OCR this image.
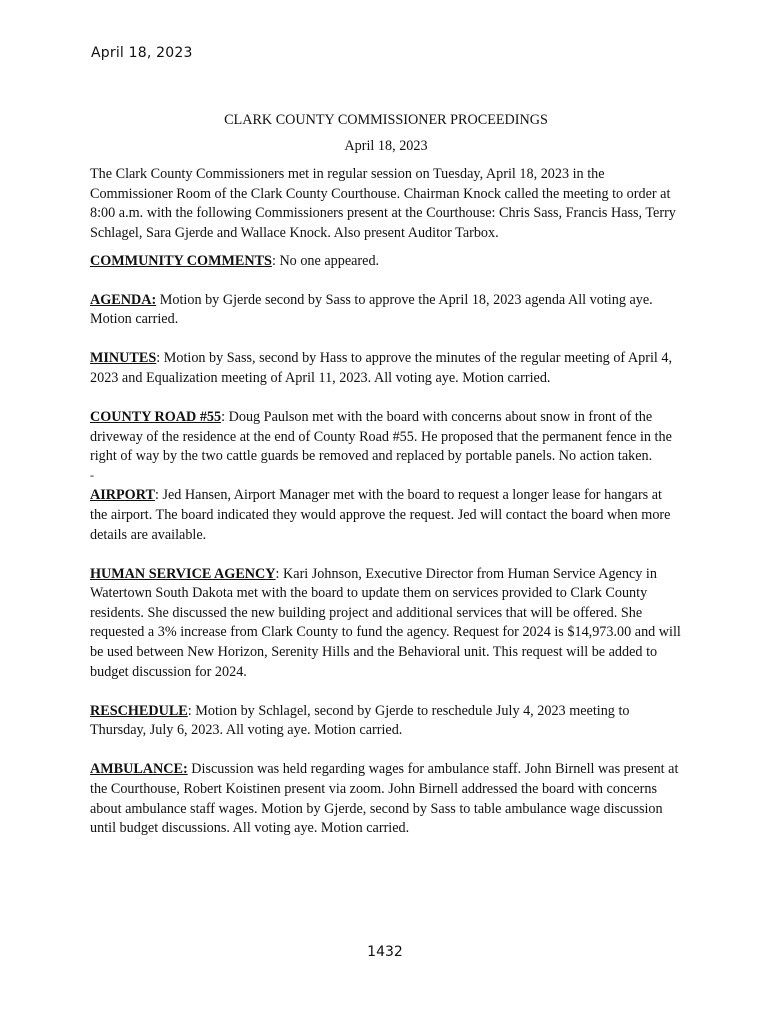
April 18, 2023
CLARK COUNTY COMMISSIONER PROCEEDINGS
April 18, 2023

The Clark County Commissioners met in regular session on Tuesday, April 18, 2023 in the Commissioner Room of the Clark County Courthouse. Chairman Knock called the meeting to order at 8:00 a.m. with the following Commissioners present at the Courthouse: Chris Sass, Francis Hass, Terry Schlagel, Sara Gjerde and Wallace Knock. Also present Auditor Tarbox.

COMMUNITY COMMENTS: No one appeared.

AGENDA: Motion by Gjerde second by Sass to approve the April 18, 2023 agenda All voting aye. Motion carried.

MINUTES: Motion by Sass, second by Hass to approve the minutes of the regular meeting of April 4, 2023 and Equalization meeting of April 11, 2023. All voting aye. Motion carried.

COUNTY ROAD #55: Doug Paulson met with the board with concerns about snow in front of the driveway of the residence at the end of County Road #55. He proposed that the permanent fence in the right of way by the two cattle guards be removed and replaced by portable panels. No action taken.

-

AIRPORT: Jed Hansen, Airport Manager met with the board to request a longer lease for hangars at the airport. The board indicated they would approve the request. Jed will contact the board when more details are available.

HUMAN SERVICE AGENCY: Kari Johnson, Executive Director from Human Service Agency in Watertown South Dakota met with the board to update them on services provided to Clark County residents. She discussed the new building project and additional services that will be offered. She requested a 3% increase from Clark County to fund the agency. Request for 2024 is $14,973.00 and will be used between New Horizon, Serenity Hills and the Behavioral unit. This request will be added to budget discussion for 2024.

RESCHEDULE: Motion by Schlagel, second by Gjerde to reschedule July 4, 2023 meeting to Thursday, July 6, 2023. All voting aye. Motion carried.

AMBULANCE: Discussion was held regarding wages for ambulance staff. John Birnell was present at the Courthouse, Robert Koistinen present via zoom. John Birnell addressed the board with concerns about ambulance staff wages. Motion by Gjerde, second by Sass to table ambulance wage discussion until budget discussions. All voting aye. Motion carried.

1432
